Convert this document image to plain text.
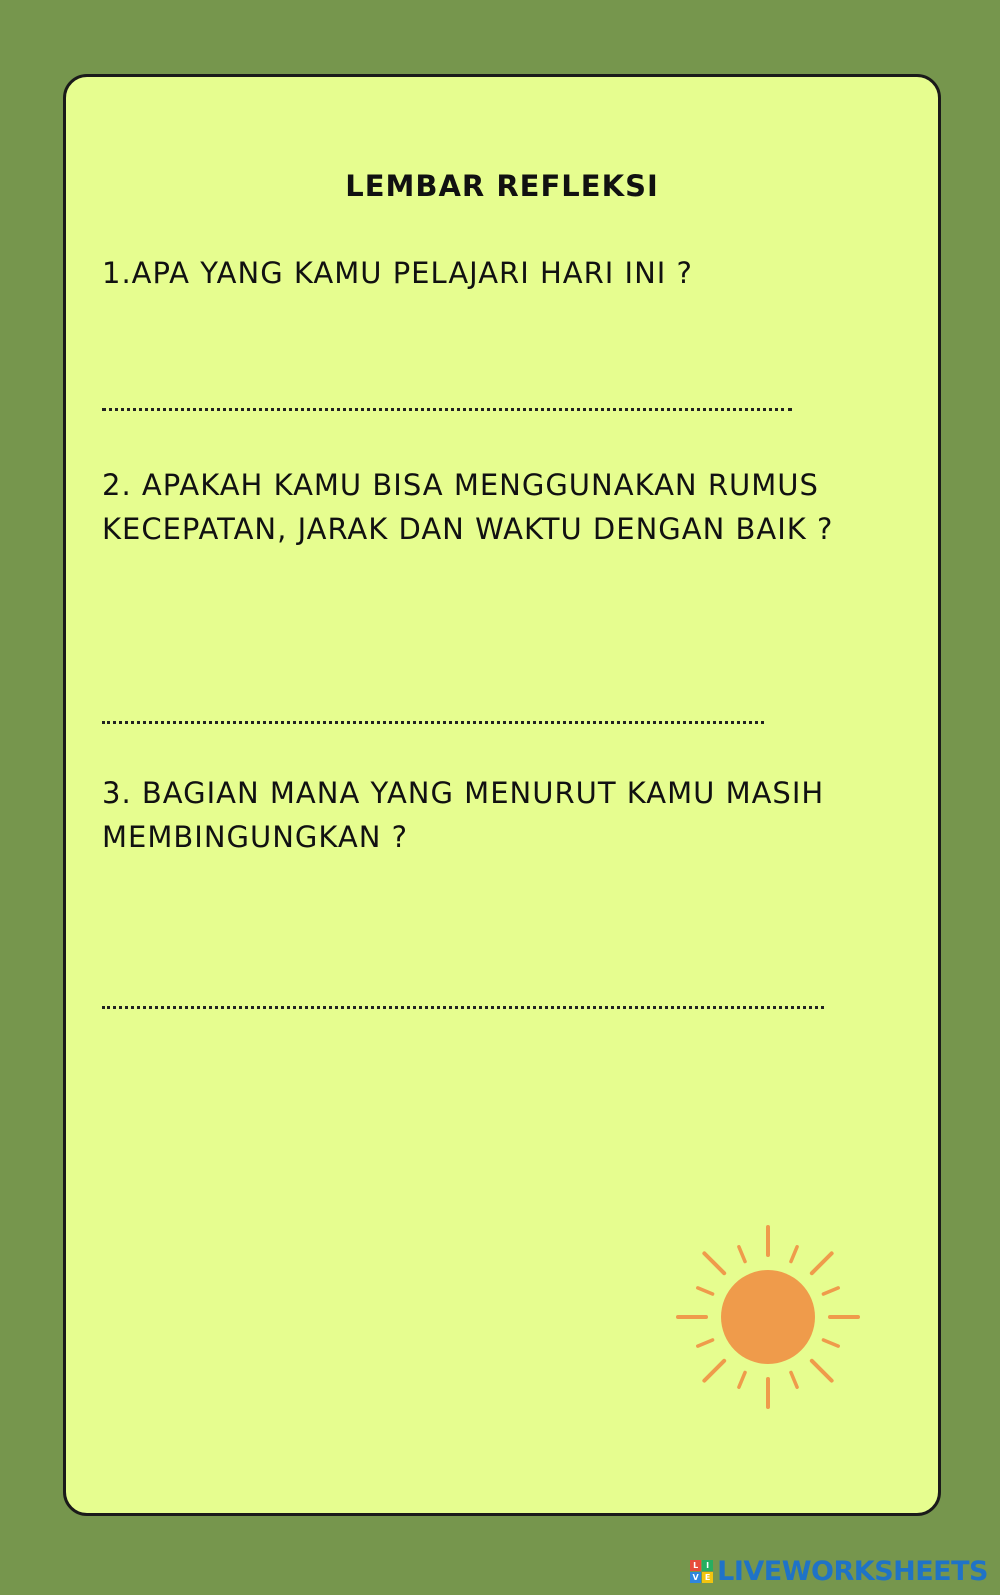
LEMBAR REFLEKSI

1.APA YANG KAMU PELAJARI HARI INI ?

2. APAKAH KAMU BISA MENGGUNAKAN RUMUS KECEPATAN, JARAK DAN WAKTU DENGAN BAIK ?

3. BAGIAN MANA YANG MENURUT KAMU MASIH MEMBINGUNGKAN ?

L I
V E LIVEWORKSHEETS
